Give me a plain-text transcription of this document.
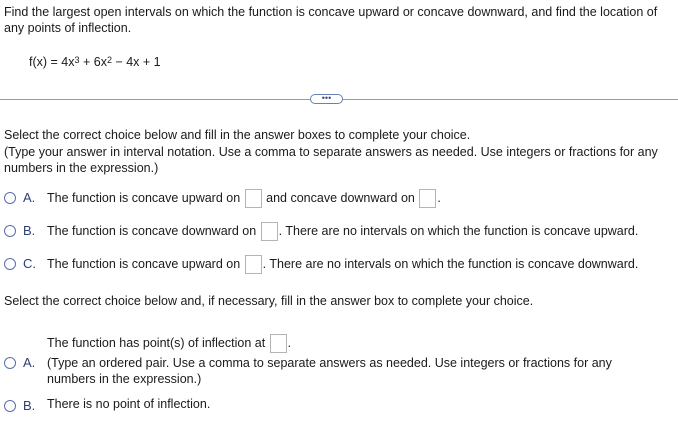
Find the largest open intervals on which the function is concave upward or concave downward, and find the location of any points of inflection.
$f(x) = 4x^3 + 6x^2 - 4x + 1$
•••
Select the correct choice below and fill in the answer boxes to complete your choice.
(Type your answer in interval notation. Use a comma to separate answers as needed. Use integers or fractions for any numbers in the expression.)
A. The function is concave upward on and concave downward on .
B. The function is concave downward on . There are no intervals on which the function is concave upward.
C. The function is concave upward on . There are no intervals on which the function is concave downward.
Select the correct choice below and, if necessary, fill in the answer box to complete your choice.
The function has point(s) of inflection at .
A. (Type an ordered pair. Use a comma to separate answers as needed. Use integers or fractions for any numbers in the expression.)
B. There is no point of inflection.
